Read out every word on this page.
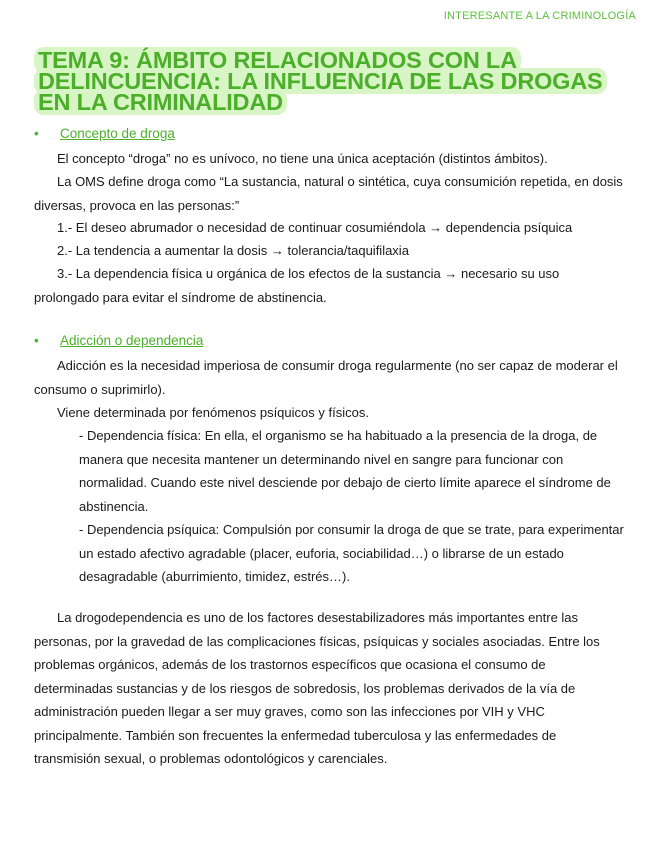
INTERESANTE A LA CRIMINOLOGÍA
TEMA 9: ÁMBITO RELACIONADOS CON LA DELINCUENCIA: LA INFLUENCIA DE LAS DROGAS EN LA CRIMINALIDAD
• Concepto de droga
El concepto “droga” no es unívoco, no tiene una única aceptación (distintos ámbitos).
La OMS define droga como “La sustancia, natural o sintética, cuya consumición repetida, en dosis diversas, provoca en las personas:”
1.- El deseo abrumador o necesidad de continuar cosumiéndola → dependencia psíquica
2.- La tendencia a aumentar la dosis → tolerancia/taquifilaxia
3.- La dependencia física u orgánica de los efectos de la sustancia → necesario su uso prolongado para evitar el síndrome de abstinencia.
• Adicción o dependencia
Adicción es la necesidad imperiosa de consumir droga regularmente (no ser capaz de moderar el consumo o suprimirlo).
Viene determinada por fenómenos psíquicos y físicos.
- Dependencia física: En ella, el organismo se ha habituado a la presencia de la droga, de manera que necesita mantener un determinando nivel en sangre para funcionar con normalidad. Cuando este nivel desciende por debajo de cierto límite aparece el síndrome de abstinencia.
- Dependencia psíquica: Compulsión por consumir la droga de que se trate, para experimentar un estado afectivo agradable (placer, euforia, sociabilidad…) o librarse de un estado desagradable (aburrimiento, timidez, estrés…).
La drogodependencia es uno de los factores desestabilizadores más importantes entre las personas, por la gravedad de las complicaciones físicas, psíquicas y sociales asociadas. Entre los problemas orgánicos, además de los trastornos específicos que ocasiona el consumo de determinadas sustancias y de los riesgos de sobredosis, los problemas derivados de la vía de administración pueden llegar a ser muy graves, como son las infecciones por VIH y VHC principalmente. También son frecuentes la enfermedad tuberculosa y las enfermedades de transmisión sexual, o problemas odontológicos y carenciales.
